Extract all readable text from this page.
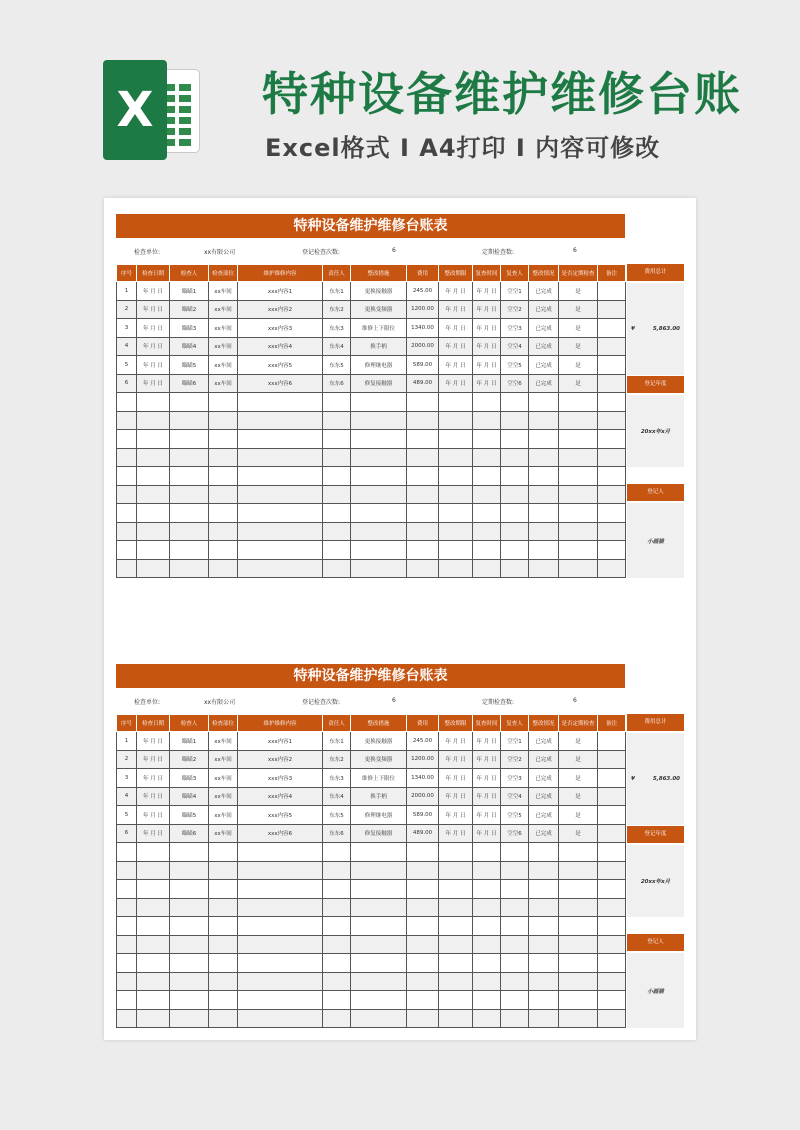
X 特种设备维护维修台账
Excel格式 I A4打印 I 内容可修改
特种设备维护维修台账表
检查单位:	xx有限公司	登记检查次数:	6	定期检查数:	6
序号	检查日期	检查人	检查部位	维护维修内容	责任人	整改措施	费用	整改期限	复查时间	复查人	整改情况	是否定期检查	备注
1	年 月 日	瞄瞄1	xx车间	xxx内容1	东东1	更换接触器	245.00	年 月 日	年 月 日	空空1	已完成	是	
2	年 月 日	瞄瞄2	xx车间	xxx内容2	东东2	更换变频器	1200.00	年 月 日	年 月 日	空空2	已完成	是	
3	年 月 日	瞄瞄3	xx车间	xxx内容3	东东3	维修上下限位	1340.00	年 月 日	年 月 日	空空3	已完成	是	
4	年 月 日	瞄瞄4	xx车间	xxx内容4	东东4	换手柄	2000.00	年 月 日	年 月 日	空空4	已完成	是	
5	年 月 日	瞄瞄5	xx车间	xxx内容5	东东5	修理继电器	589.00	年 月 日	年 月 日	空空5	已完成	是	
6	年 月 日	瞄瞄6	xx车间	xxx内容6	东东6	修复接触器	489.00	年 月 日	年 月 日	空空6	已完成	是	

费用总计
¥	5,863.00
登记年度
20xx年x月
登记人
小画猫
特种设备维护维修台账表
检查单位:	xx有限公司	登记检查次数:	6	定期检查数:	6
序号	检查日期	检查人	检查部位	维护维修内容	责任人	整改措施	费用	整改期限	复查时间	复查人	整改情况	是否定期检查	备注
1	年 月 日	瞄瞄1	xx车间	xxx内容1	东东1	更换接触器	245.00	年 月 日	年 月 日	空空1	已完成	是	
2	年 月 日	瞄瞄2	xx车间	xxx内容2	东东2	更换变频器	1200.00	年 月 日	年 月 日	空空2	已完成	是	
3	年 月 日	瞄瞄3	xx车间	xxx内容3	东东3	维修上下限位	1340.00	年 月 日	年 月 日	空空3	已完成	是	
4	年 月 日	瞄瞄4	xx车间	xxx内容4	东东4	换手柄	2000.00	年 月 日	年 月 日	空空4	已完成	是	
5	年 月 日	瞄瞄5	xx车间	xxx内容5	东东5	修理继电器	589.00	年 月 日	年 月 日	空空5	已完成	是	
6	年 月 日	瞄瞄6	xx车间	xxx内容6	东东6	修复接触器	489.00	年 月 日	年 月 日	空空6	已完成	是	

费用总计
¥	5,863.00
登记年度
20xx年x月
登记人
小画猫
